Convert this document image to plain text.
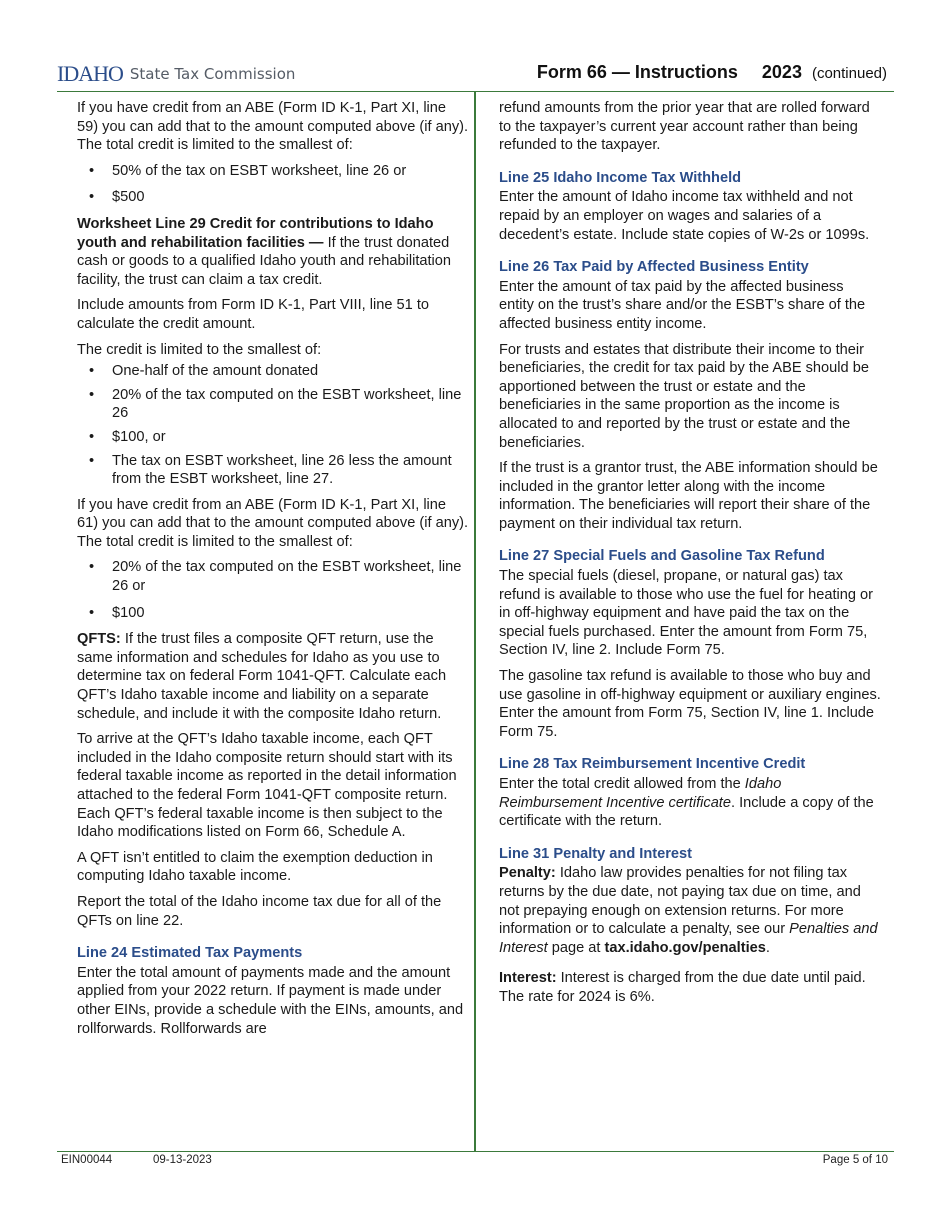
IDAHO State Tax Commission	Form 66 — Instructions 2023 (continued)

If you have credit from an ABE (Form ID K-1, Part XI, line 59) you can add that to the amount computed above (if any). The total credit is limited to the smallest of:

• 50% of the tax on ESBT worksheet, line 26 or
• $500

Worksheet Line 29 Credit for contributions to Idaho youth and rehabilitation facilities — If the trust donated cash or goods to a qualified Idaho youth and rehabilitation facility, the trust can claim a tax credit.

Include amounts from Form ID K-1, Part VIII, line 51 to calculate the credit amount.

The credit is limited to the smallest of:

• One-half of the amount donated
• 20% of the tax computed on the ESBT worksheet, line 26
• $100, or
• The tax on ESBT worksheet, line 26 less the amount from the ESBT worksheet, line 27.

If you have credit from an ABE (Form ID K-1, Part XI, line 61) you can add that to the amount computed above (if any). The total credit is limited to the smallest of:

• 20% of the tax computed on the ESBT worksheet, line 26 or
• $100

QFTS: If the trust files a composite QFT return, use the same information and schedules for Idaho as you use to determine tax on federal Form 1041-QFT. Calculate each QFT’s Idaho taxable income and liability on a separate schedule, and include it with the composite Idaho return.

To arrive at the QFT’s Idaho taxable income, each QFT included in the Idaho composite return should start with its federal taxable income as reported in the detail information attached to the federal Form 1041-QFT composite return. Each QFT’s federal taxable income is then subject to the Idaho modifications listed on Form 66, Schedule A.

A QFT isn’t entitled to claim the exemption deduction in computing Idaho taxable income.

Report the total of the Idaho income tax due for all of the QFTs on line 22.

Line 24 Estimated Tax Payments

Enter the total amount of payments made and the amount applied from your 2022 return. If payment is made under other EINs, provide a schedule with the EINs, amounts, and rollforwards. Rollforwards are

refund amounts from the prior year that are rolled forward to the taxpayer’s current year account rather than being refunded to the taxpayer.

Line 25 Idaho Income Tax Withheld

Enter the amount of Idaho income tax withheld and not repaid by an employer on wages and salaries of a decedent’s estate. Include state copies of W-2s or 1099s.

Line 26 Tax Paid by Affected Business Entity

Enter the amount of tax paid by the affected business entity on the trust’s share and/or the ESBT’s share of the affected business entity income.

For trusts and estates that distribute their income to their beneficiaries, the credit for tax paid by the ABE should be apportioned between the trust or estate and the beneficiaries in the same proportion as the income is allocated to and reported by the trust or estate and the beneficiaries.

If the trust is a grantor trust, the ABE information should be included in the grantor letter along with the income information. The beneficiaries will report their share of the payment on their individual tax return.

Line 27 Special Fuels and Gasoline Tax Refund

The special fuels (diesel, propane, or natural gas) tax refund is available to those who use the fuel for heating or in off-highway equipment and have paid the tax on the special fuels purchased. Enter the amount from Form 75, Section IV, line 2. Include Form 75.

The gasoline tax refund is available to those who buy and use gasoline in off-highway equipment or auxiliary engines. Enter the amount from Form 75, Section IV, line 1. Include Form 75.

Line 28 Tax Reimbursement Incentive Credit

Enter the total credit allowed from the Idaho Reimbursement Incentive certificate. Include a copy of the certificate with the return.

Line 31 Penalty and Interest

Penalty: Idaho law provides penalties for not filing tax returns by the due date, not paying tax due on time, and not prepaying enough on extension returns. For more information or to calculate a penalty, see our Penalties and Interest page at tax.idaho.gov/penalties.

Interest: Interest is charged from the due date until paid. The rate for 2024 is 6%.

EIN00044	09-13-2023	Page 5 of 10
